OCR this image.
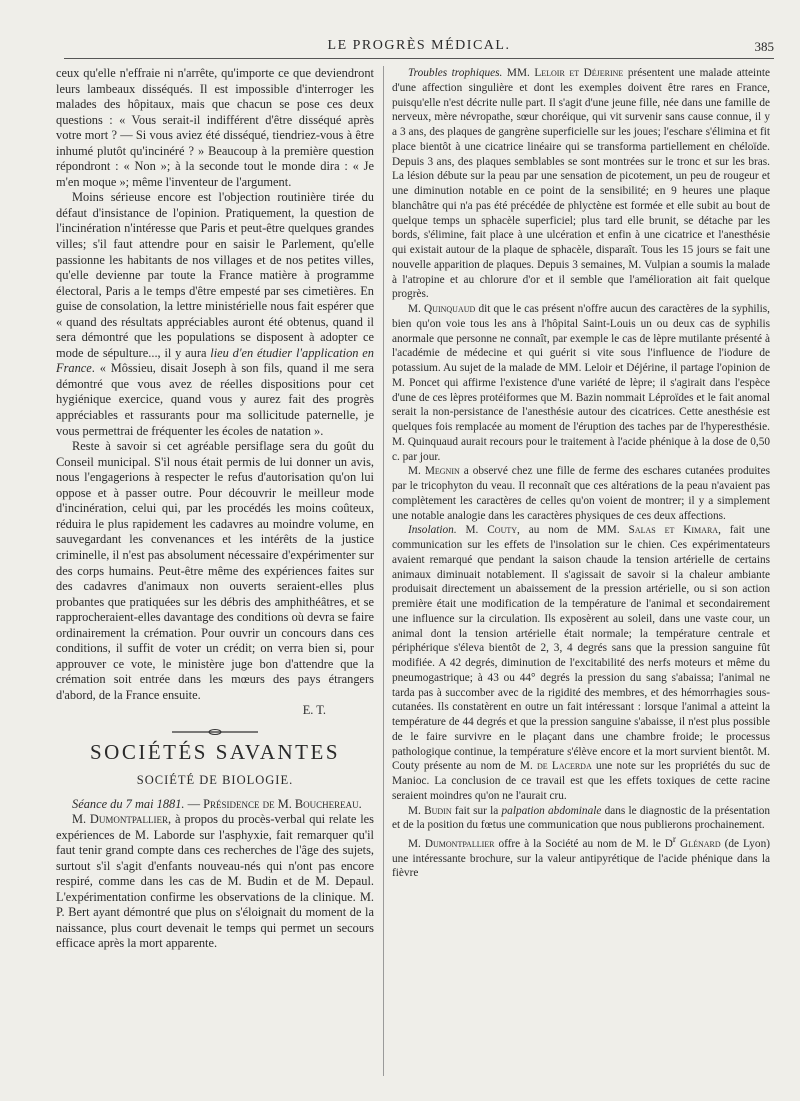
LE PROGRÈS MÉDICAL.	385

ceux qu'elle n'effraie ni n'arrête, qu'importe ce que deviendront leurs lambeaux disséqués. Il est impossible d'interroger les malades des hôpitaux, mais que chacun se pose ces deux questions : « Vous serait-il indifférent d'être disséqué après votre mort ? — Si vous aviez été disséqué, tiendriez-vous à être inhumé plutôt qu'incinéré ? » Beaucoup à la première question répondront : « Non »; à la seconde tout le monde dira : « Je m'en moque »; même l'inventeur de l'argument.

Moins sérieuse encore est l'objection routinière tirée du défaut d'insistance de l'opinion. Pratiquement, la question de l'incinération n'intéresse que Paris et peut-être quelques grandes villes; s'il faut attendre pour en saisir le Parlement, qu'elle passionne les habitants de nos villages et de nos petites villes, qu'elle devienne par toute la France matière à programme électoral, Paris a le temps d'être empesté par ses cimetières. En guise de consolation, la lettre ministérielle nous fait espérer que « quand des résultats appréciables auront été obtenus, quand il sera démontré que les populations se disposent à adopter ce mode de sépulture..., il y aura lieu d'en étudier l'application en France. « Môssieu, disait Joseph à son fils, quand il me sera démontré que vous avez de réelles dispositions pour cet hygiénique exercice, quand vous y aurez fait des progrès appréciables et rassurants pour ma sollicitude paternelle, je vous permettrai de fréquenter les écoles de natation ».

Reste à savoir si cet agréable persiflage sera du goût du Conseil municipal. S'il nous était permis de lui donner un avis, nous l'engagerions à respecter le refus d'autorisation qu'on lui oppose et à passer outre. Pour découvrir le meilleur mode d'incinération, celui qui, par les procédés les moins coûteux, réduira le plus rapidement les cadavres au moindre volume, en sauvegardant les convenances et les intérêts de la justice criminelle, il n'est pas absolument nécessaire d'expérimenter sur des corps humains. Peut-être même des expériences faites sur des cadavres d'animaux non ouverts seraient-elles plus probantes que pratiquées sur les débris des amphithéâtres, et se rapprocheraient-elles davantage des conditions où devra se faire ordinairement la crémation. Pour ouvrir un concours dans ces conditions, il suffit de voter un crédit; on verra bien si, pour approuver ce vote, le ministère juge bon d'attendre que la crémation soit entrée dans les mœurs des pays étrangers d'abord, de la France ensuite.

E. T.

SOCIÉTÉS SAVANTES
SOCIÉTÉ DE BIOLOGIE.

Séance du 7 mai 1881. — Présidence de M. Bouchereau.

M. Dumontpallier, à propos du procès-verbal qui relate les expériences de M. Laborde sur l'asphyxie, fait remarquer qu'il faut tenir grand compte dans ces recherches de l'âge des sujets, surtout s'il s'agit d'enfants nouveau-nés qui n'ont pas encore respiré, comme dans les cas de M. Budin et de M. Depaul. L'expérimentation confirme les observations de la clinique. M. P. Bert ayant démontré que plus on s'éloignait du moment de la naissance, plus court devenait le temps qui permet un secours efficace après la mort apparente.

Troubles trophiques. MM. Leloir et Déjerine présentent une malade atteinte d'une affection singulière et dont les exemples doivent être rares en France, puisqu'elle n'est décrite nulle part. Il s'agit d'une jeune fille, née dans une famille de nerveux, mère névropathe, sœur choréique, qui vit survenir sans cause connue, il y a 3 ans, des plaques de gangrène superficielle sur les joues; l'eschare s'élimina et fit place bientôt à une cicatrice linéaire qui se transforma partiellement en chéloïde. Depuis 3 ans, des plaques semblables se sont montrées sur le tronc et sur les bras. La lésion débute sur la peau par une sensation de picotement, un peu de rougeur et une diminution notable en ce point de la sensibilité; en 9 heures une plaque blanchâtre qui n'a pas été précédée de phlyctène est formée et elle subit au bout de quelque temps un sphacèle superficiel; plus tard elle brunit, se détache par les bords, s'élimine, fait place à une ulcération et enfin à une cicatrice et l'anesthésie qui existait autour de la plaque de sphacèle, disparaît. Tous les 15 jours se fait une nouvelle apparition de plaques. Depuis 3 semaines, M. Vulpian a soumis la malade à l'atropine et au chlorure d'or et il semble que l'amélioration ait fait quelque progrès.

M. Quinquaud dit que le cas présent n'offre aucun des caractères de la syphilis, bien qu'on voie tous les ans à l'hôpital Saint-Louis un ou deux cas de syphilis anormale que personne ne connaît, par exemple le cas de lèpre mutilante présenté à l'académie de médecine et qui guérit si vite sous l'influence de l'iodure de potassium. Au sujet de la malade de MM. Leloir et Déjérine, il partage l'opinion de M. Poncet qui affirme l'existence d'une variété de lèpre; il s'agirait dans l'espèce d'une de ces lèpres protéiformes que M. Bazin nommait Léproïdes et le fait anomal serait la non-persistance de l'anesthésie autour des cicatrices. Cette anesthésie est quelques fois remplacée au moment de l'éruption des taches par de l'hyperesthésie. M. Quinquaud aurait recours pour le traitement à l'acide phénique à la dose de 0,50 c. par jour.

M. Megnin a observé chez une fille de ferme des eschares cutanées produites par le tricophyton du veau. Il reconnaît que ces altérations de la peau n'avaient pas complètement les caractères de celles qu'on voient de montrer; il y a simplement une notable analogie dans les caractères physiques de ces deux affections.

Insolation. M. Couty, au nom de MM. Salas et Kimara, fait une communication sur les effets de l'insolation sur le chien. Ces expérimentateurs avaient remarqué que pendant la saison chaude la tension artérielle de certains animaux diminuait notablement. Il s'agissait de savoir si la chaleur ambiante produisait directement un abaissement de la pression artérielle, ou si son action première était une modification de la température de l'animal et secondairement une influence sur la circulation. Ils exposèrent au soleil, dans une vaste cour, un animal dont la tension artérielle était normale; la température centrale et périphérique s'éleva bientôt de 2, 3, 4 degrés sans que la pression sanguine fût modifiée. A 42 degrés, diminution de l'excitabilité des nerfs moteurs et même du pneumogastrique; à 43 ou 44° degrés la pression du sang s'abaissa; l'animal ne tarda pas à succomber avec de la rigidité des membres, et des hémorrhagies sous-cutanées. Ils constatèrent en outre un fait intéressant : lorsque l'animal a atteint la température de 44 degrés et que la pression sanguine s'abaisse, il n'est plus possible de le faire survivre en le plaçant dans une chambre froide; le processus pathologique continue, la température s'élève encore et la mort survient bientôt. M. Couty présente au nom de M. de Lacerda une note sur les propriétés du suc de Manioc. La conclusion de ce travail est que les effets toxiques de cette racine seraient moindres qu'on ne l'aurait cru.

M. Budin fait sur la palpation abdominale dans le diagnostic de la présentation et de la position du fœtus une communication que nous publierons prochainement.

M. Dumontpallier offre à la Société au nom de M. le $D^r$ Glénard (de Lyon) une intéressante brochure, sur la valeur antipyrétique de l'acide phénique dans la fièvre
